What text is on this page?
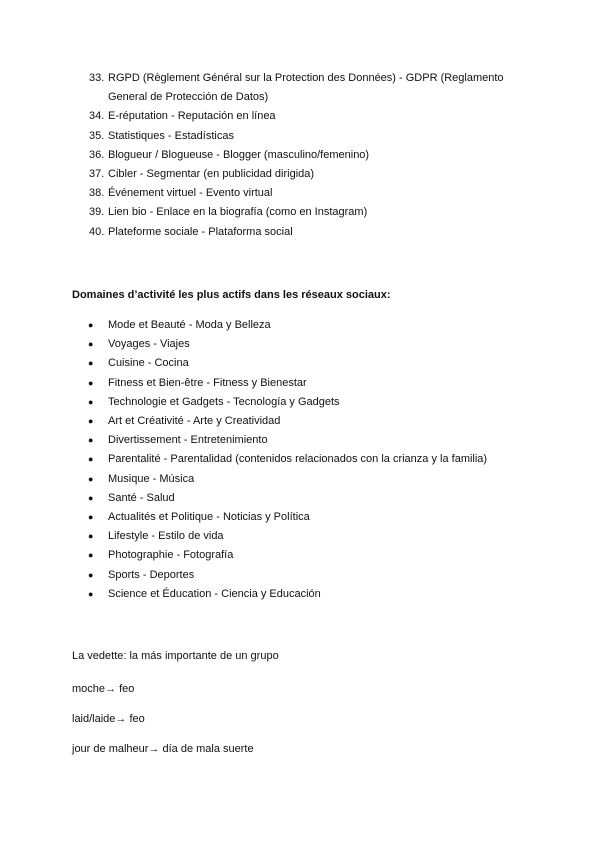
33. RGPD (Règlement Général sur la Protection des Données) - GDPR (Reglamento General de Protección de Datos)
34. E-réputation - Reputación en línea
35. Statistiques - Estadísticas
36. Blogueur / Blogueuse - Blogger (masculino/femenino)
37. Cibler - Segmentar (en publicidad dirigida)
38. Événement virtuel - Evento virtual
39. Lien bio - Enlace en la biografía (como en Instagram)
40. Plateforme sociale - Plataforma social
Domaines d’activité les plus actifs dans les réseaux sociaux:
● Mode et Beauté - Moda y Belleza
● Voyages - Viajes
● Cuisine - Cocina
● Fitness et Bien-être - Fitness y Bienestar
● Technologie et Gadgets - Tecnología y Gadgets
● Art et Créativité - Arte y Creatividad
● Divertissement - Entretenimiento
● Parentalité - Parentalidad (contenidos relacionados con la crianza y la familia)
● Musique - Música
● Santé - Salud
● Actualités et Politique - Noticias y Política
● Lifestyle - Estilo de vida
● Photographie - Fotografía
● Sports - Deportes
● Science et Éducation - Ciencia y Educación
La vedette: la más importante de un grupo
moche→ feo
laid/laide→ feo
jour de malheur→ día de mala suerte
